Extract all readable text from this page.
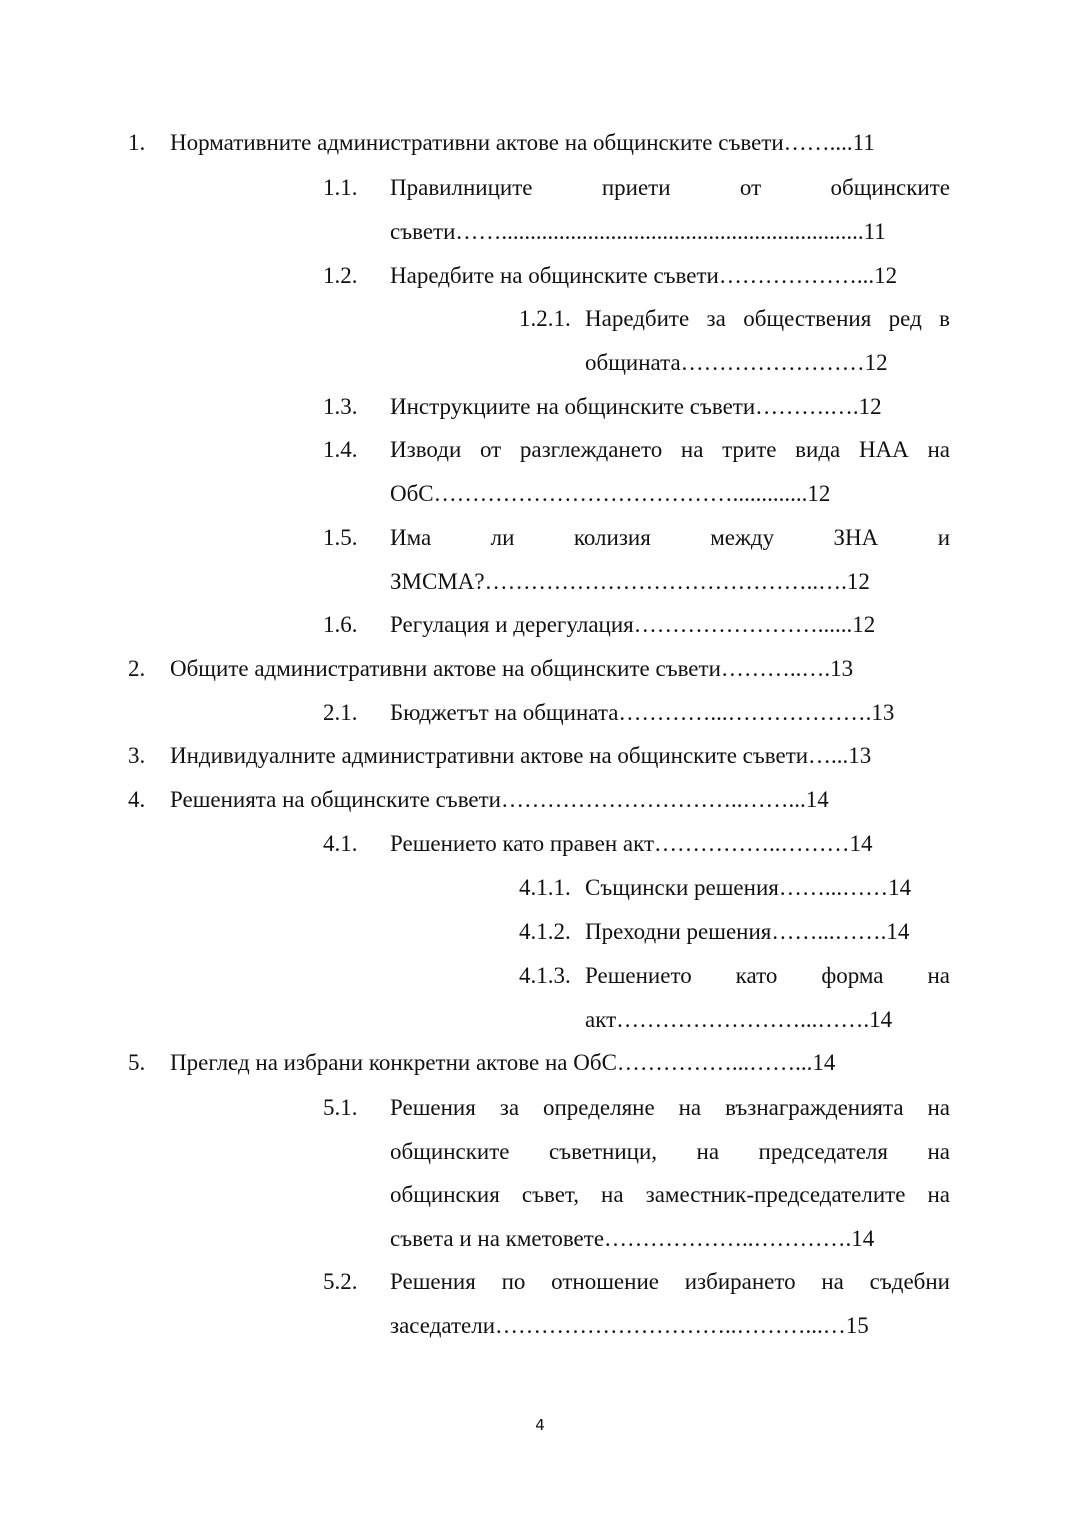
1. Нормативните административни актове на общинските съвети……....11
1.1. Правилниците приети от общинските
съвети……...............................................................11
1.2. Наредбите на общинските съвети………………...12
1.2.1. Наредбите за обществения ред в
общината……………………12
1.3. Инструкциите на общинските съвети……….….12
1.4. Изводи от разглеждането на трите вида НАА на
ОбС………………………………….............12
1.5. Има ли колизия между ЗНА и
ЗМСМА?……………………………………..….12
1.6. Регулация и дерегулация……………………......12
2. Общите административни актове на общинските съвети………..….13
2.1. Бюджетът на общината…………...……………….13
3. Индивидуалните административни актове на общинските съвети…...13
4. Решенията на общинските съвети…………………………..……...14
4.1. Решението като правен акт……………..………14
4.1.1. Същински решения……...……14
4.1.2. Преходни решения……...…….14
4.1.3. Решението като форма на
акт……………………...…….14
5. Преглед на избрани конкретни актове на ОбС……………...……...14
5.1. Решения за определяне на възнагражденията на
общинските съветници, на председателя на
общинския съвет, на заместник-председателите на
съвета и на кметовете………………..………….14
5.2. Решения по отношение избирането на съдебни
заседатели…………………………..………...…15
4
